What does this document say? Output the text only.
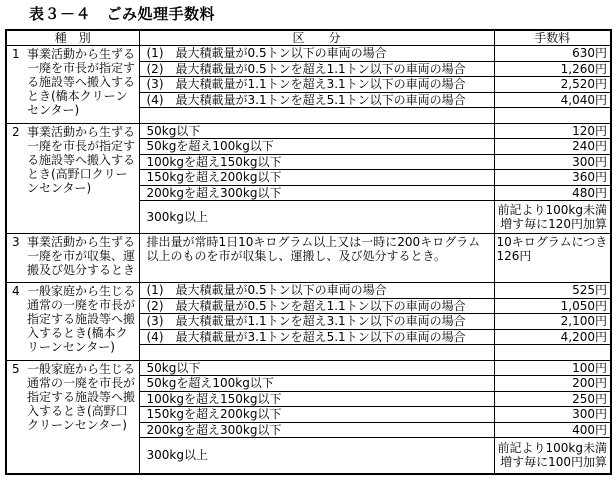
表３－４　ごみ処理手数料
種　別	区　　分	手数料

1 事業活動から生ずる一廃を市長が指定する施設等へ搬入するとき(橋本クリーンセンター)	(1)　最大積載量が0.5トン以下の車両の場合	630円
	(2)　最大積載量が0.5トンを超え1.1トン以下の車両の場合	1,260円
	(3)　最大積載量が1.1トンを超え3.1トン以下の車両の場合	2,520円
	(4)　最大積載量が3.1トンを超え5.1トン以下の車両の場合	4,040円

2 事業活動から生ずる一廃を市長が指定する施設等へ搬入するとき(高野口クリーンセンター)	50kg以下	120円
	50kgを超え100kg以下	240円
	100kgを超え150kg以下	300円
	150kgを超え200kg以下	360円
	200kgを超え300kg以下	480円
	300kg以上	前記より100kg未満増す毎に120円加算

3 事業活動から生ずる一廃を市が収集、運搬及び処分するとき	排出量が常時1日10キログラム以上又は一時に200キログラム以上のものを市が収集し、運搬し、及び処分するとき。	10キログラムにつき126円

4 一般家庭から生じる通常の一廃を市長が指定する施設等へ搬入するとき(橋本クリーンセンター)	(1)　最大積載量が0.5トン以下の車両の場合	525円
	(2)　最大積載量が0.5トンを超え1.1トン以下の車両の場合	1,050円
	(3)　最大積載量が1.1トンを超え3.1トン以下の車両の場合	2,100円
	(4)　最大積載量が3.1トンを超え5.1トン以下の車両の場合	4,200円

5 一般家庭から生じる通常の一廃を市長が指定する施設等へ搬入するとき(高野口クリーンセンター)	50kg以下	100円
	50kgを超え100kg以下	200円
	100kgを超え150kg以下	250円
	150kgを超え200kg以下	300円
	200kgを超え300kg以下	400円
	300kg以上	前記より100kg未満増す毎に100円加算
